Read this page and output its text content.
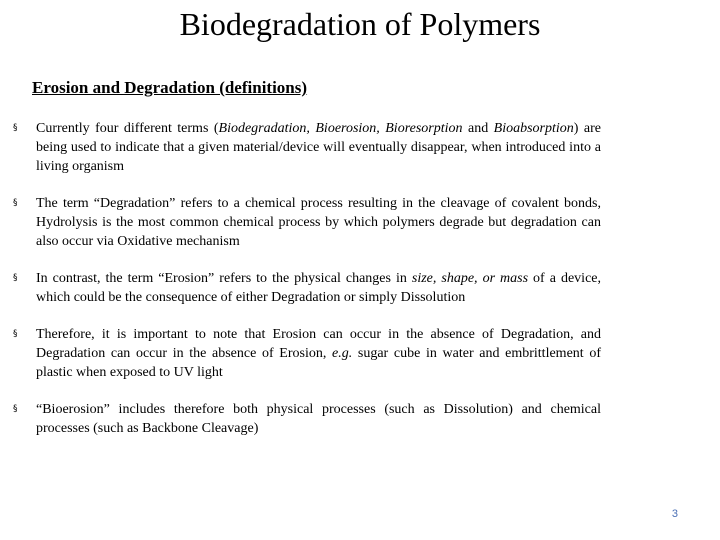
Biodegradation of Polymers
Erosion and Degradation (definitions)
§ Currently four different terms (Biodegradation, Bioerosion, Bioresorption and Bioabsorption) are being used to indicate that a given material/device will eventually disappear, when introduced into a living organism
§ The term “Degradation” refers to a chemical process resulting in the cleavage of covalent bonds, Hydrolysis is the most common chemical process by which polymers degrade but degradation can also occur via Oxidative mechanism
§ In contrast, the term “Erosion” refers to the physical changes in size, shape, or mass of a device, which could be the consequence of either Degradation or simply Dissolution
§ Therefore, it is important to note that Erosion can occur in the absence of Degradation, and Degradation can occur in the absence of Erosion, e.g. sugar cube in water and embrittlement of plastic when exposed to UV light
§ “Bioerosion” includes therefore both physical processes (such as Dissolution) and chemical processes (such as Backbone Cleavage)
3
